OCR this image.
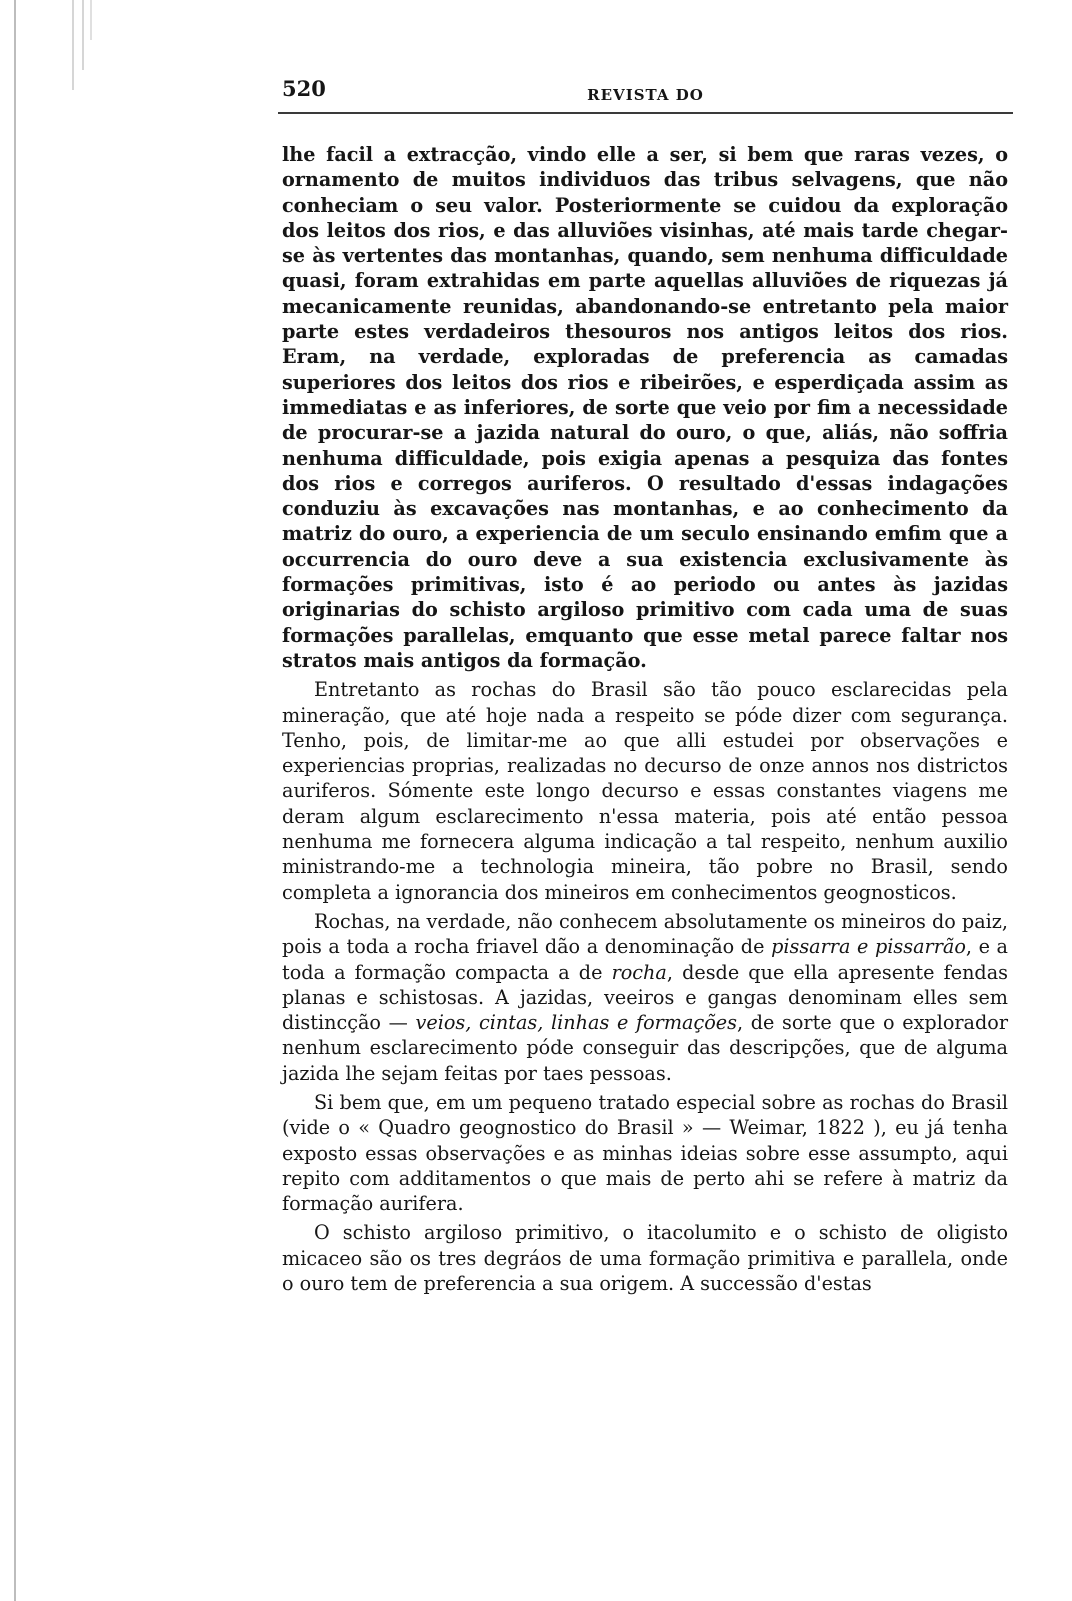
520	REVISTA DO

lhe facil a extracção, vindo elle a ser, si bem que raras vezes, o ornamento de muitos individuos das tribus selvagens, que não conheciam o seu valor. Posteriormente se cuidou da exploração dos leitos dos rios, e das alluviões visinhas, até mais tarde chegar-se às vertentes das montanhas, quando, sem nenhuma difficuldade quasi, foram extrahidas em parte aquellas alluviões de riquezas já mecanicamente reunidas, abandonando-se entretanto pela maior parte estes verdadeiros thesouros nos antigos leitos dos rios. Eram, na verdade, exploradas de preferencia as camadas superiores dos leitos dos rios e ribeirões, e esperdiçada assim as immediatas e as inferiores, de sorte que veio por fim a necessidade de procurar-se a jazida natural do ouro, o que, aliás, não soffria nenhuma difficuldade, pois exigia apenas a pesquiza das fontes dos rios e corregos auriferos. O resultado d'essas indagações conduziu às excavações nas montanhas, e ao conhecimento da matriz do ouro, a experiencia de um seculo ensinando emfim que a occurrencia do ouro deve a sua existencia exclusivamente às formações primitivas, isto é ao periodo ou antes às jazidas originarias do schisto argiloso primitivo com cada uma de suas formações parallelas, emquanto que esse metal parece faltar nos stratos mais antigos da formação.

Entretanto as rochas do Brasil são tão pouco esclarecidas pela mineração, que até hoje nada a respeito se póde dizer com segurança. Tenho, pois, de limitar-me ao que alli estudei por observações e experiencias proprias, realizadas no decurso de onze annos nos districtos auriferos. Sómente este longo decurso e essas constantes viagens me deram algum esclarecimento n'essa materia, pois até então pessoa nenhuma me fornecera alguma indicação a tal respeito, nenhum auxilio ministrando-me a technologia mineira, tão pobre no Brasil, sendo completa a ignorancia dos mineiros em conhecimentos geognosticos.

Rochas, na verdade, não conhecem absolutamente os mineiros do paiz, pois a toda a rocha friavel dão a denominação de pissarra e pissarrão, e a toda a formação compacta a de rocha, desde que ella apresente fendas planas e schistosas. A jazidas, veeiros e gangas denominam elles sem distincção — veios, cintas, linhas e formações, de sorte que o explorador nenhum esclarecimento póde conseguir das descripções, que de alguma jazida lhe sejam feitas por taes pessoas.

Si bem que, em um pequeno tratado especial sobre as rochas do Brasil (vide o « Quadro geognostico do Brasil » — Weimar, 1822 ), eu já tenha exposto essas observações e as minhas ideias sobre esse assumpto, aqui repito com additamentos o que mais de perto ahi se refere à matriz da formação aurifera.

O schisto argiloso primitivo, o itacolumito e o schisto de oligisto micaceo são os tres degráos de uma formação primitiva e parallela, onde o ouro tem de preferencia a sua origem. A successão d'estas
